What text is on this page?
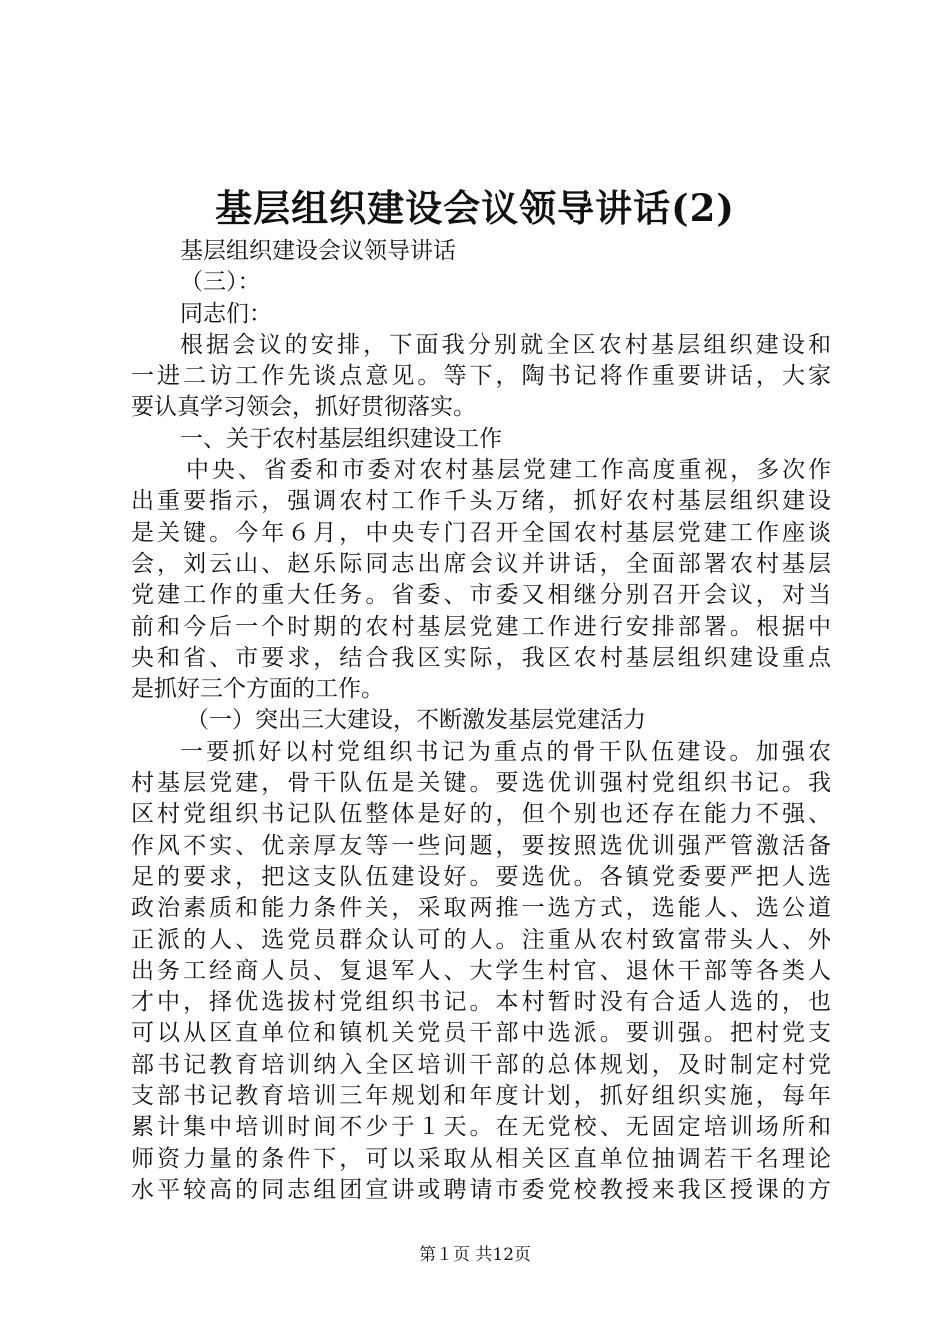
基层组织建设会议领导讲话(2)
基层组织建设会议领导讲话
（三）：
同志们：
根据会议的安排，下面我分别就全区农村基层组织建设和
一进二访工作先谈点意见。等下，陶书记将作重要讲话，大家
要认真学习领会，抓好贯彻落实。
一、关于农村基层组织建设工作
中央、省委和市委对农村基层党建工作高度重视，多次作
出重要指示，强调农村工作千头万绪，抓好农村基层组织建设
是关键。今年６月，中央专门召开全国农村基层党建工作座谈
会，刘云山、赵乐际同志出席会议并讲话，全面部署农村基层
党建工作的重大任务。省委、市委又相继分别召开会议，对当
前和今后一个时期的农村基层党建工作进行安排部署。根据中
央和省、市要求，结合我区实际，我区农村基层组织建设重点
是抓好三个方面的工作。
（一）突出三大建设，不断激发基层党建活力
一要抓好以村党组织书记为重点的骨干队伍建设。加强农
村基层党建，骨干队伍是关键。要选优训强村党组织书记。我
区村党组织书记队伍整体是好的，但个别也还存在能力不强、
作风不实、优亲厚友等一些问题，要按照选优训强严管激活备
足的要求，把这支队伍建设好。要选优。各镇党委要严把人选
政治素质和能力条件关，采取两推一选方式，选能人、选公道
正派的人、选党员群众认可的人。注重从农村致富带头人、外
出务工经商人员、复退军人、大学生村官、退休干部等各类人
才中，择优选拔村党组织书记。本村暂时没有合适人选的，也
可以从区直单位和镇机关党员干部中选派。要训强。把村党支
部书记教育培训纳入全区培训干部的总体规划，及时制定村党
支部书记教育培训三年规划和年度计划，抓好组织实施，每年
累计集中培训时间不少于１天。在无党校、无固定培训场所和
师资力量的条件下，可以采取从相关区直单位抽调若干名理论
水平较高的同志组团宣讲或聘请市委党校教授来我区授课的方
第１页 共12页
